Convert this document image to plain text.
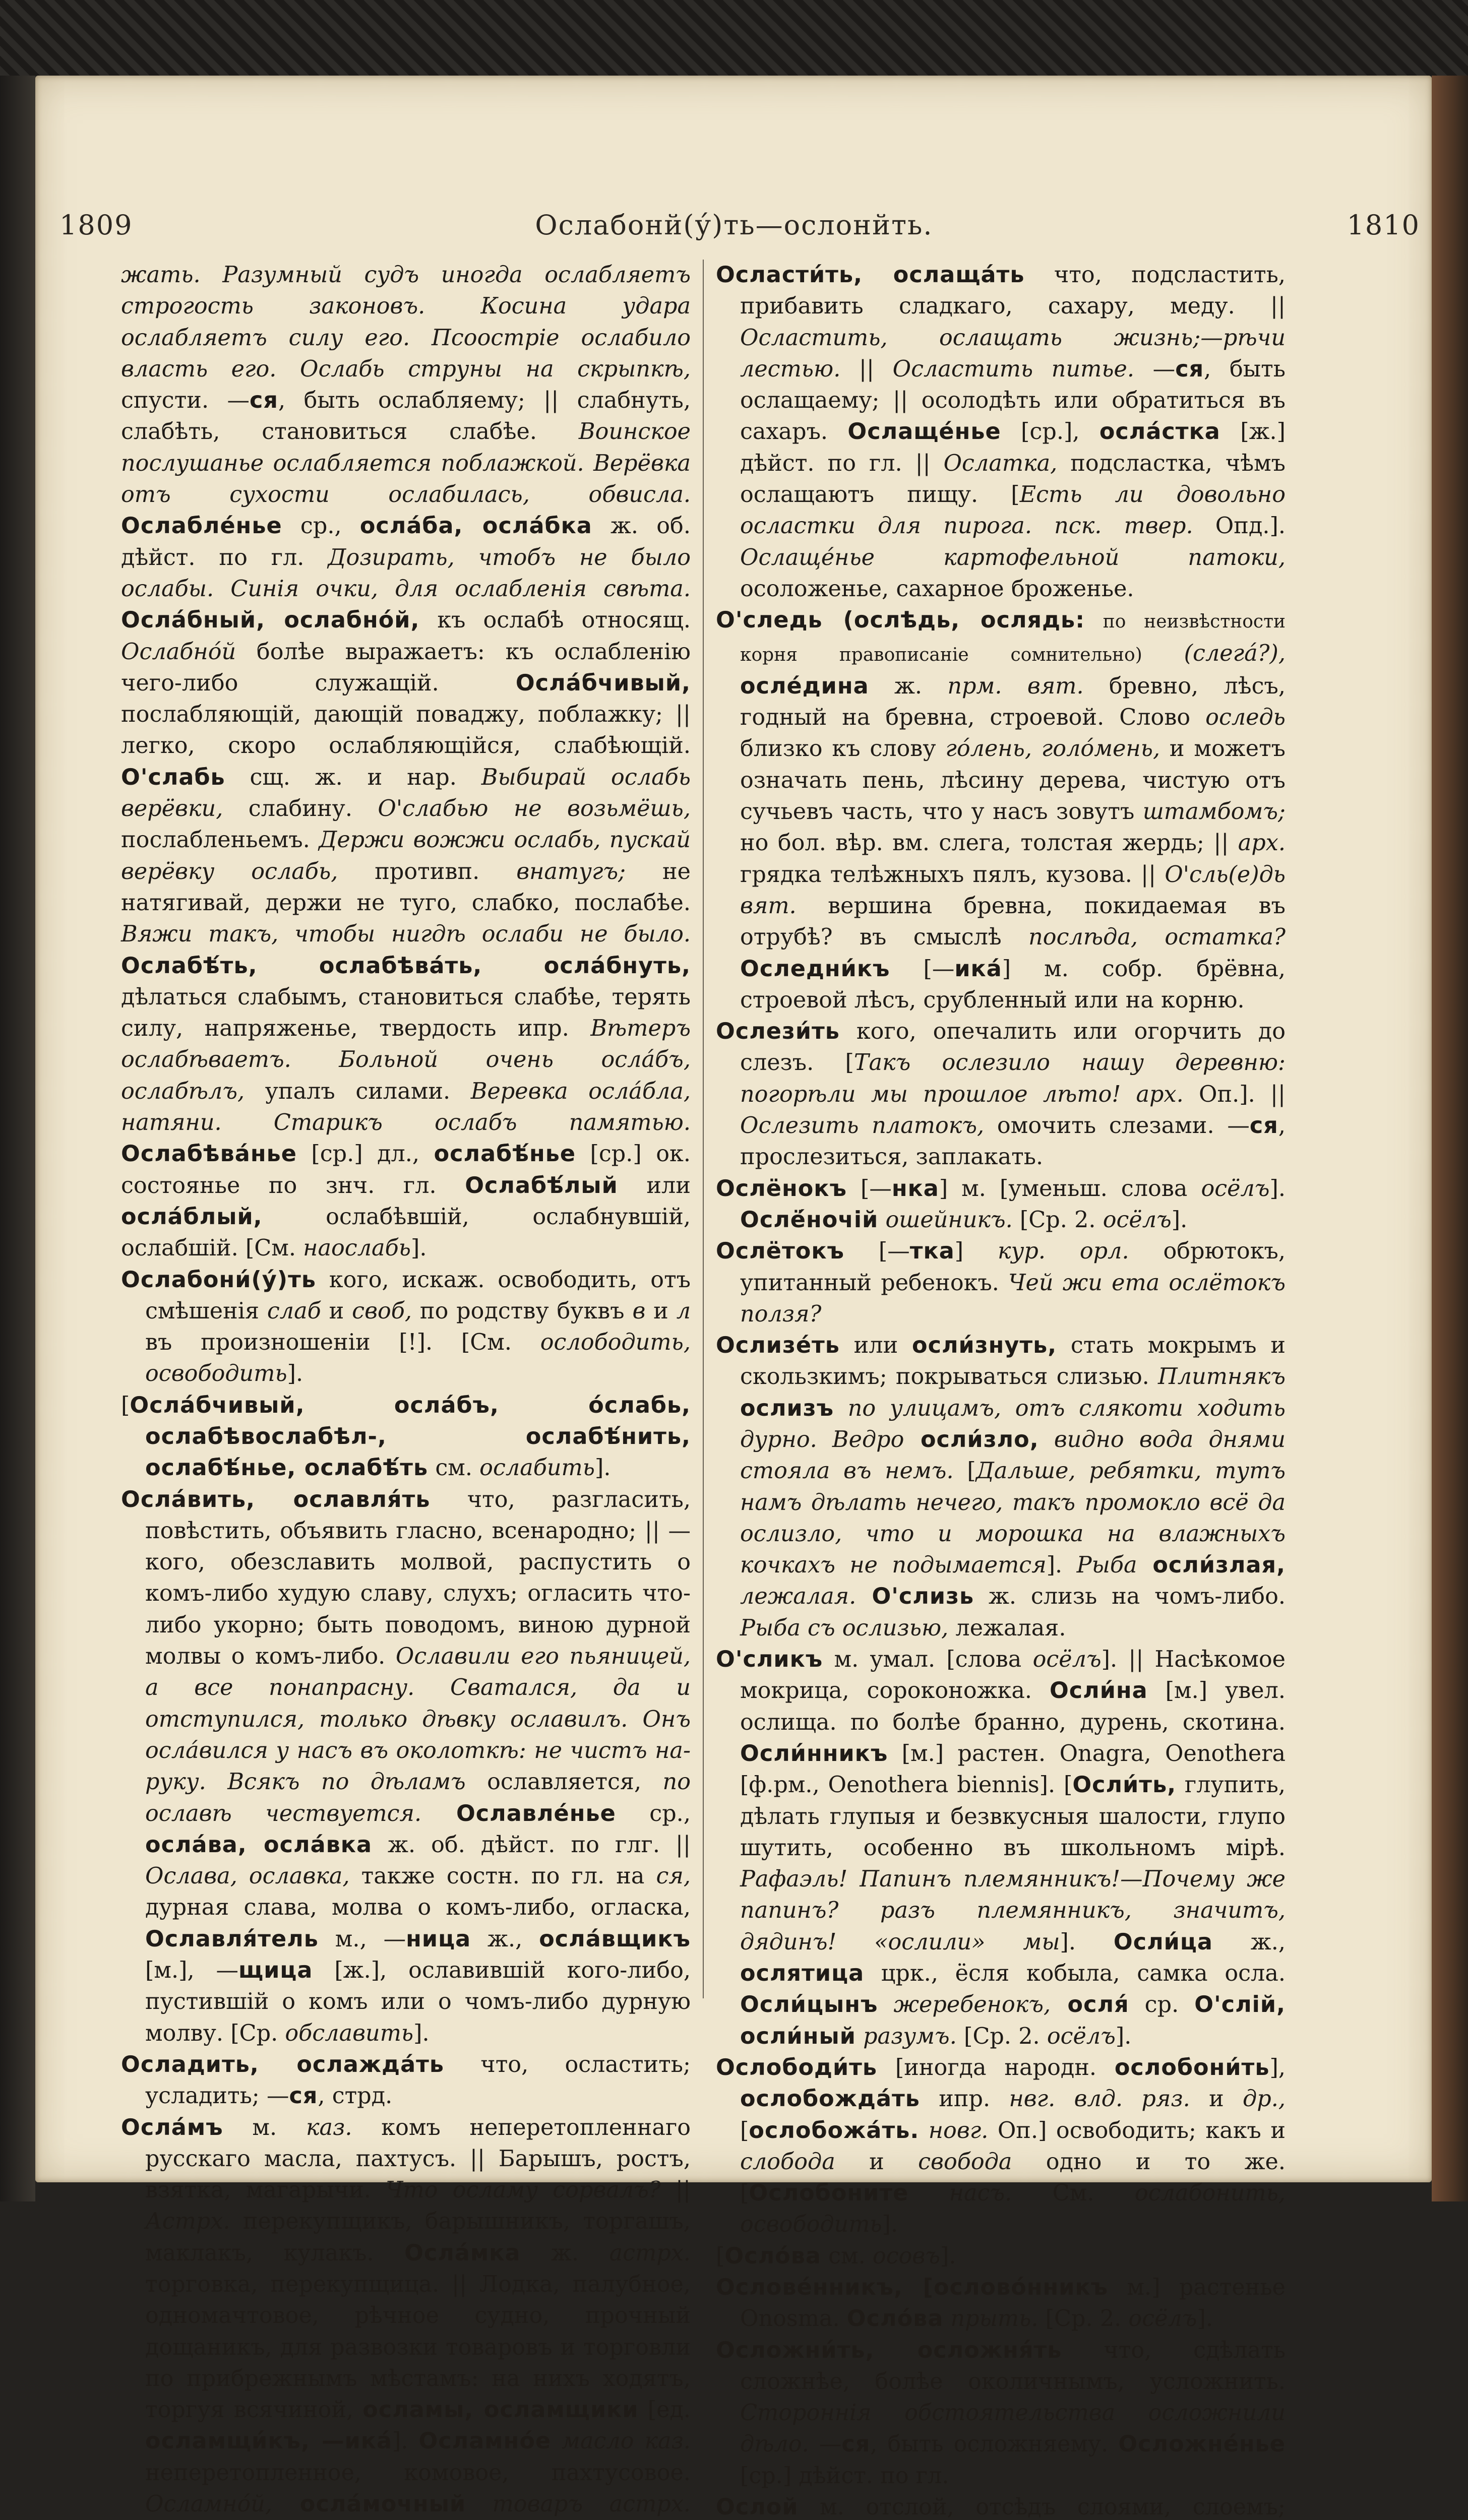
1809	Ослабонй(у́)ть—ослонйть.	1810

жать. Разумный судъ иногда ослабляетъ строгость законовъ. Косина удара ослабляетъ силу его. Псоостріе ослабило власть его. Ослабь струны на скрыпкѣ, спусти. —ся, быть ослабляему; || слабнуть, слабѣть, становиться слабѣе. Воинское послушанье ослабляется поблажкой. Верёвка отъ сухости ослабилась, обвисла. Ослабле́нье ср., осла́ба, осла́бка ж. об. дѣйст. по гл. Дозирать, чтобъ не было ослабы. Синія очки, для ослабленія свѣта. Осла́бный, ослабно́й, къ ослабѣ относящ. Ослабно́й болѣе выражаетъ: къ ослабленію чего-либо служащій. Осла́бчивый, послабляющій, дающій поваджу, поблажку; || легко, скоро ослабляющійся, слабѣющій. О'слабь сщ. ж. и нар. Выбирай ослабь верёвки, слабину. О'слабью не возьмёшь, послабленьемъ. Держи вожжи ослабь, пускай верёвку ослабь, противп. внатугъ; не натягивай, держи не туго, слабко, послабѣе. Вяжи такъ, чтобы нигдѣ ослаби не было. Ослабѣ́ть, ослабѣва́ть, осла́бнуть, дѣлаться слабымъ, становиться слабѣе, терять силу, напряженье, твердость ипр. Вѣтеръ ослабѣваетъ. Больной очень осла́бъ, ослабѣлъ, упалъ силами. Веревка осла́бла, натяни. Старикъ ослабъ памятью. Ослабѣва́нье [ср.] дл., ослабѣ́нье [ср.] ок. состоянье по знч. гл. Ослабѣ́лый или осла́блый, ослабѣвшій, ослабнувшій, ослабшій. [См. наослабь].

Ослабони́(у́)ть кого, искаж. освободить, отъ смѣшенія слаб и своб, по родству буквъ в и л въ произношеніи [!]. [См. ослободить, освободить].

[Осла́бчивый, осла́бъ, о́слабь, ослабѣвослабѣл-, ослабѣ́нить, ослабѣ́нье, ослабѣ́ть см. ослабить].

Осла́вить, ославля́ть что, разгласить, повѣстить, объявить гласно, всенародно; || —кого, обезславить молвой, распустить о комъ-либо худую славу, слухъ; огласить что-либо укорно; быть поводомъ, виною дурной молвы о комъ-либо. Ославили его пьяницей, а все понапрасну. Сватался, да и отступился, только дѣвку ославилъ. Онъ осла́вился у насъ въ околоткѣ: не чистъ на-руку. Всякъ по дѣламъ ославляется, по ославѣ чествуется. Ославле́нье ср., осла́ва, осла́вка ж. об. дѣйст. по глг. || Ослава, ославка, также состн. по гл. на ся, дурная слава, молва о комъ-либо, огласка, Ославля́тель м., —ница ж., осла́вщикъ [м.], —щица [ж.], ославившій кого-либо, пустившій о комъ или о чомъ-либо дурную молву. [Ср. обславить].

Осладить, ослажда́ть что, осластить; усладить; —ся, стрд.

Осла́мъ м. каз. комъ неперетопленнаго русскаго масла, пахтусъ. || Барышъ, ростъ, взятка, магарычи. Что осламу сорвалъ? || Астрх. перекупщикъ, барышникъ, торгашъ, маклакъ, кулакъ. Осла́мка ж. астрх. торговка, перекупщица. || Лодка, палубное, одномачтовое, рѣчное судно, прочный дощаникъ, для развозки товаровъ и торговли по прибрежнымъ мѣстамъ: на нихъ ходятъ, торгуя всячиной, осламы, осламщики [ед. осламщи́къ, —ика́]. Осламно́е масло каз. неперетопленное, комовое, пахтусовое. Осламно́й, осла́мочный товаръ астрх.

Осласти́ть, ослаща́ть что, подсластить, прибавить сладкаго, сахару, меду. || Осластить, ослащать жизнь;—рѣчи лестью. || Осластить питье. —ся, быть ослащаему; || осолодѣть или обратиться въ сахаръ. Ослаще́нье [ср.], осла́стка [ж.] дѣйст. по гл. || Ослатка, подсластка, чѣмъ ослащаютъ пищу. [Есть ли довольно осластки для пирога. пск. твер. Опд.]. Ослаще́нье картофельной патоки, осоложенье, сахарное броженье.

О'следь (ослѣдь, ослядь: по неизвѣстности корня правописаніе сомнительно) (слегá?), осле́дина ж. прм. вят. бревно, лѣсъ, годный на бревна, строевой. Слово оследь близко къ слову гóлень, голóмень, и можетъ означать пень, лѣсину дерева, чистую отъ сучьевъ часть, что у насъ зовутъ штамбомъ; но бол. вѣр. вм. слега, толстая жердь; || арх. грядка телѣжныхъ пялъ, кузова. || О'сль(е)дь вят. вершина бревна, покидаемая въ отрубѣ? въ смыслѣ послѣда, остатка? Оследни́къ [—ика́] м. собр. брёвна, строевой лѣсъ, срубленный или на корню.

Ослези́ть кого, опечалить или огорчить до слезъ. [Такъ ослезило нашу деревню: погорѣли мы прошлое лѣто! арх. Оп.]. || Ослезить платокъ, омочить слезами. —ся, прослезиться, заплакать.

Ослёнокъ [—нка] м. [уменьш. слова осёлъ]. Ослё́ночій ошейникъ. [Ср. 2. осёлъ].

Ослётокъ [—тка] кур. орл. обрютокъ, упитанный ребенокъ. Чей жи ета ослётокъ ползя?

Ослизе́ть или осли́знуть, стать мокрымъ и скользкимъ; покрываться слизью. Плитнякъ ослизъ по улицамъ, отъ слякоти ходить дурно. Ведро осли́зло, видно вода днями стояла въ немъ. [Дальше, ребятки, тутъ намъ дѣлать нечего, такъ промокло всё да ослизло, что и морошка на влажныхъ кочкахъ не подымается]. Рыба осли́злая, лежалая. О'слизь ж. слизь на чомъ-либо. Рыба съ ослизью, лежалая.

О'сликъ м. умал. [слова осёлъ]. || Насѣкомое мокрица, сороконожка. Осли́на [м.] увел. ослища. по болѣе бранно, дурень, скотина. Осли́нникъ [м.] растен. Onagra, Oenothera [ф.рм., Oenothera biennis]. [Осли́ть, глупить, дѣлать глупыя и безвкусныя шалости, глупо шутить, особенно въ школьномъ мірѣ. Рафаэль! Папинъ племянникъ!—Почему же папинъ? разъ племянникъ, значитъ, дядинъ! «ослили» мы]. Осли́ца ж., ослятица црк., ёсля кобыла, самка осла. Осли́цынъ жеребенокъ, осля́ ср. О'слій, осли́ный разумъ. [Ср. 2. осёлъ].

Ослободи́ть [иногда народн. ослобони́ть], ослобожда́ть ипр. нвг. влд. ряз. и др., [ослобожа́ть. новг. Оп.] освободить; какъ и слобода и свобода одно и то же. [Ослобоните насъ. См. ослабонить, освободить].

[Осло́ва см. осовъ].

Ослове́нникъ, [ословóнникъ м.] растенье Onosma. Осло́ва прыть. [Ср. 2. осёлъ].

Осложни́ть, осложня́ть что, сдѣлать сложнѣе, болѣе околичнымъ, усложнить. Стороннія обстоятельства осложнили дѣло. —ся, быть осложняему. Осложне́нье [ср.] дѣйст. по гл.

Ослой м. отслой, отсѣдъ слоями, слоемъ;
